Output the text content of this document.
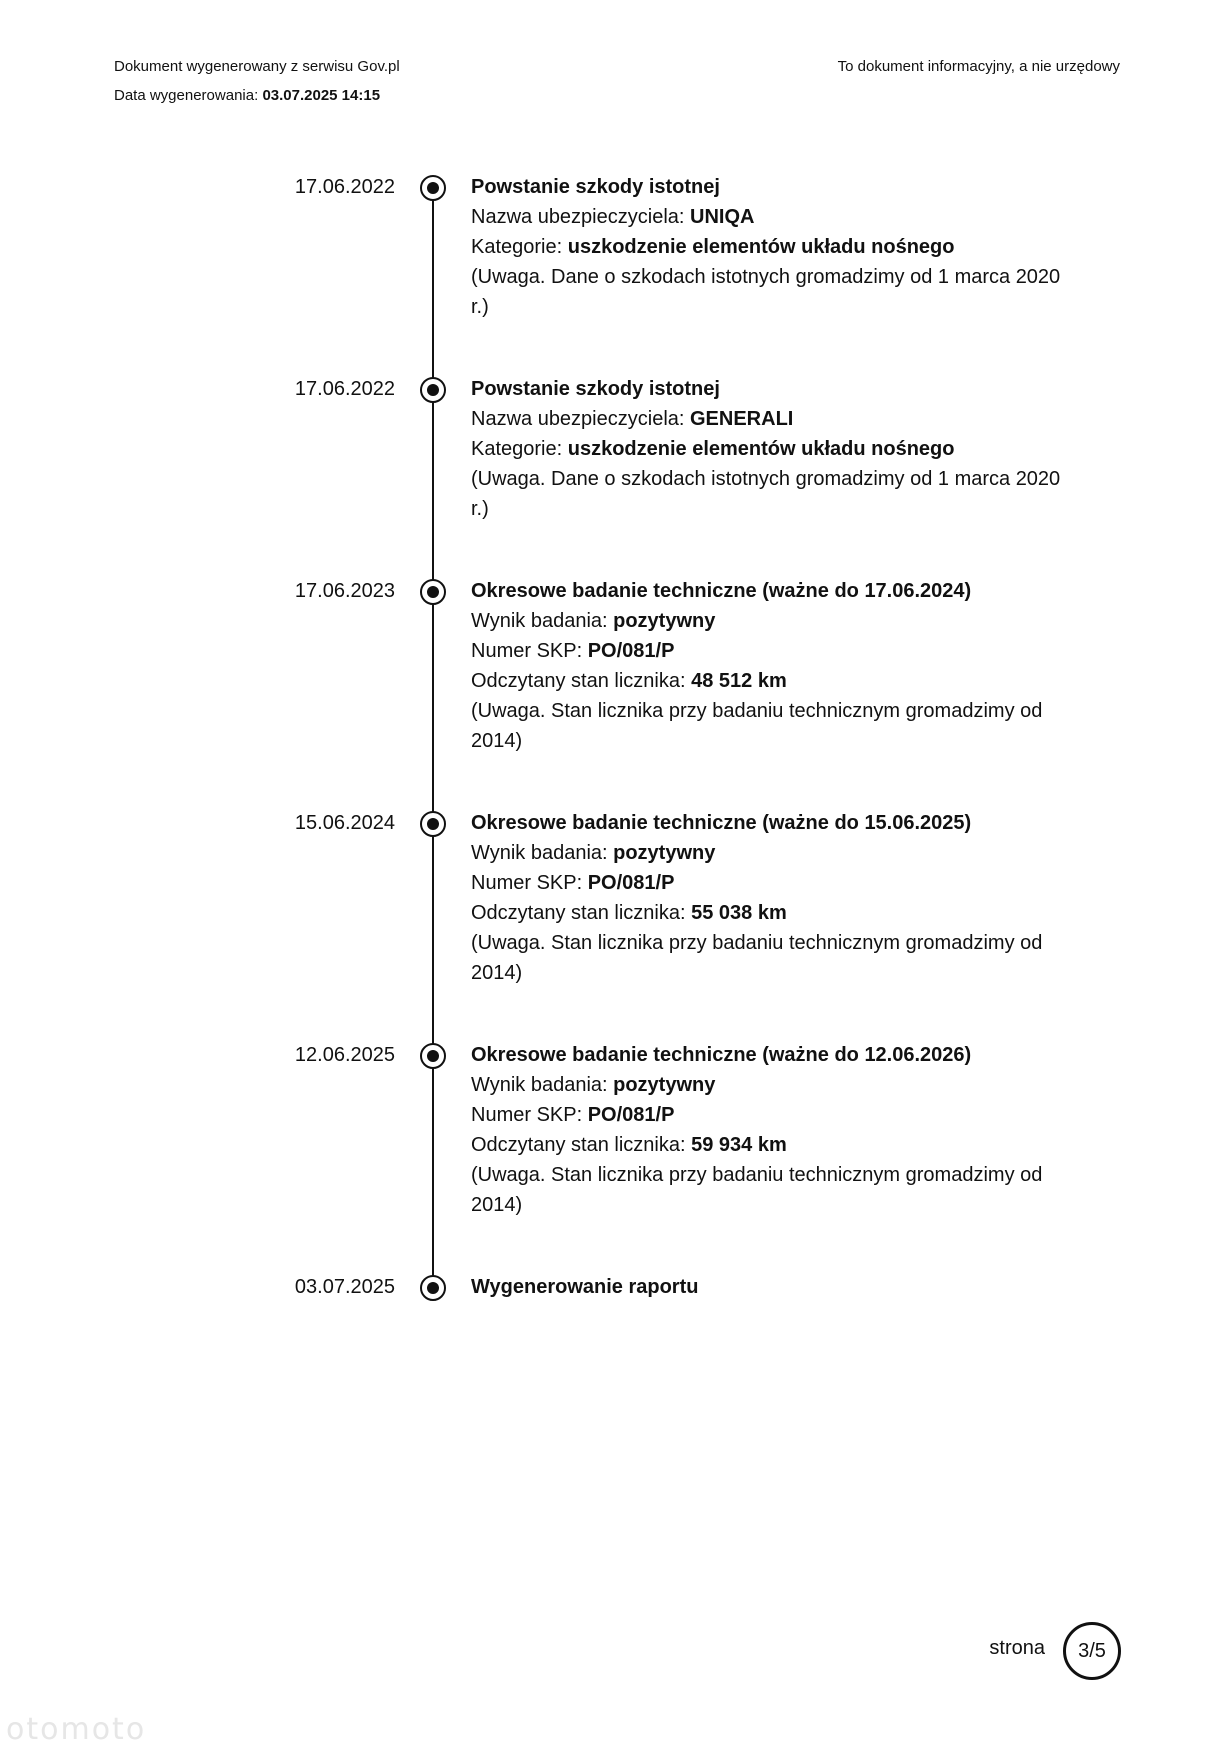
Dokument wygenerowany z serwisu Gov.pl	To dokument informacyjny, a nie urzędowy
Data wygenerowania: 03.07.2025 14:15
17.06.2022	Powstanie szkody istotnej
Nazwa ubezpieczyciela: UNIQA
Kategorie: uszkodzenie elementów układu nośnego
(Uwaga. Dane o szkodach istotnych gromadzimy od 1 marca 2020 r.)
17.06.2022	Powstanie szkody istotnej
Nazwa ubezpieczyciela: GENERALI
Kategorie: uszkodzenie elementów układu nośnego
(Uwaga. Dane o szkodach istotnych gromadzimy od 1 marca 2020 r.)
17.06.2023	Okresowe badanie techniczne (ważne do 17.06.2024)
Wynik badania: pozytywny
Numer SKP: PO/081/P
Odczytany stan licznika: 48 512 km
(Uwaga. Stan licznika przy badaniu technicznym gromadzimy od 2014)
15.06.2024	Okresowe badanie techniczne (ważne do 15.06.2025)
Wynik badania: pozytywny
Numer SKP: PO/081/P
Odczytany stan licznika: 55 038 km
(Uwaga. Stan licznika przy badaniu technicznym gromadzimy od 2014)
12.06.2025	Okresowe badanie techniczne (ważne do 12.06.2026)
Wynik badania: pozytywny
Numer SKP: PO/081/P
Odczytany stan licznika: 59 934 km
(Uwaga. Stan licznika przy badaniu technicznym gromadzimy od 2014)
03.07.2025	Wygenerowanie raportu
strona 3/5
otomoto
